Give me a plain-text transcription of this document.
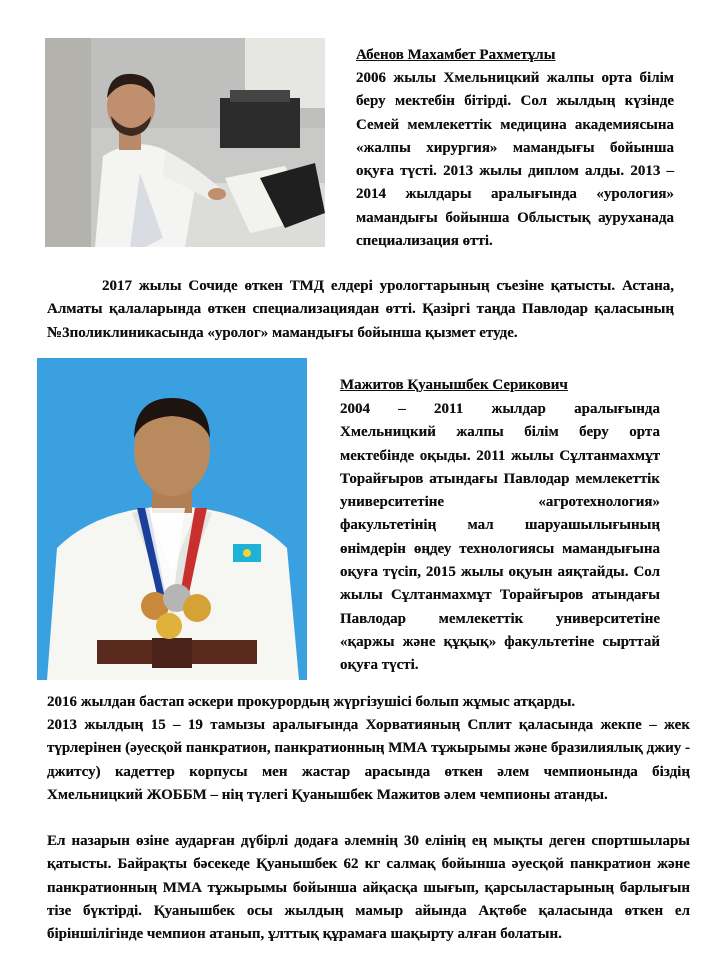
Абенов Махамбет Рахметұлы
2006 жылы Хмельницкий жалпы орта білім беру мектебін бітірді. Сол жылдың күзінде Семей мемлекеттік медицина академиясына «жалпы хирургия» мамандығы бойынша оқуға түсті. 2013 жылы диплом алды. 2013 – 2014 жылдары аралығында «урология» мамандығы бойынша Облыстық ауруханада специализация өтті.
2017 жылы Сочиде өткен ТМД елдері урологтарының съезіне қатысты. Астана, Алматы қалаларында өткен специализациядан өтті. Қазіргі таңда Павлодар қаласының №3поликлиникасында «уролог» мамандығы бойынша қызмет етуде.
Мажитов Қуанышбек Серикович
2004 – 2011 жылдар аралығында Хмельницкий жалпы білім беру орта мектебінде оқыды. 2011 жылы Сұлтанмахмұт Торайғыров атындағы Павлодар мемлекеттік университетіне «агротехнология» факультетінің мал шаруашылығының өнімдерін өңдеу технологиясы мамандығына оқуға түсіп, 2015 жылы оқуын аяқтайды. Сол жылы Сұлтанмахмұт Торайғыров атындағы Павлодар мемлекеттік университетіне «қаржы және құқық» факультетіне сырттай оқуға түсті.
2016 жылдан бастап әскери прокурордың жүргізушісі болып жұмыс атқарды.
2013 жылдың 15 – 19 тамызы аралығында Хорватияның Сплит қаласында жекпе – жек түрлерінен (әуесқой панкратион, панкратионның ММА тұжырымы және бразилиялық джиу - джитсу) кадеттер корпусы мен жастар арасында өткен әлем чемпионында біздің Хмельницкий ЖОББМ – нің түлегі Қуанышбек Мажитов әлем чемпионы атанды.
Ел назарын өзіне аударған дүбірлі додаға әлемнің 30 елінің ең мықты деген спортшылары қатысты. Байрақты бәсекеде Қуанышбек 62 кг салмақ бойынша әуесқой панкратион және панкратионның ММА тұжырымы бойынша айқасқа шығып, қарсыластарының барлығын тізе бүктірді. Қуанышбек осы жылдың мамыр айында Ақтөбе қаласында өткен ел біріншілігінде чемпион атанып, ұлттық құрамаға шақырту алған болатын.
